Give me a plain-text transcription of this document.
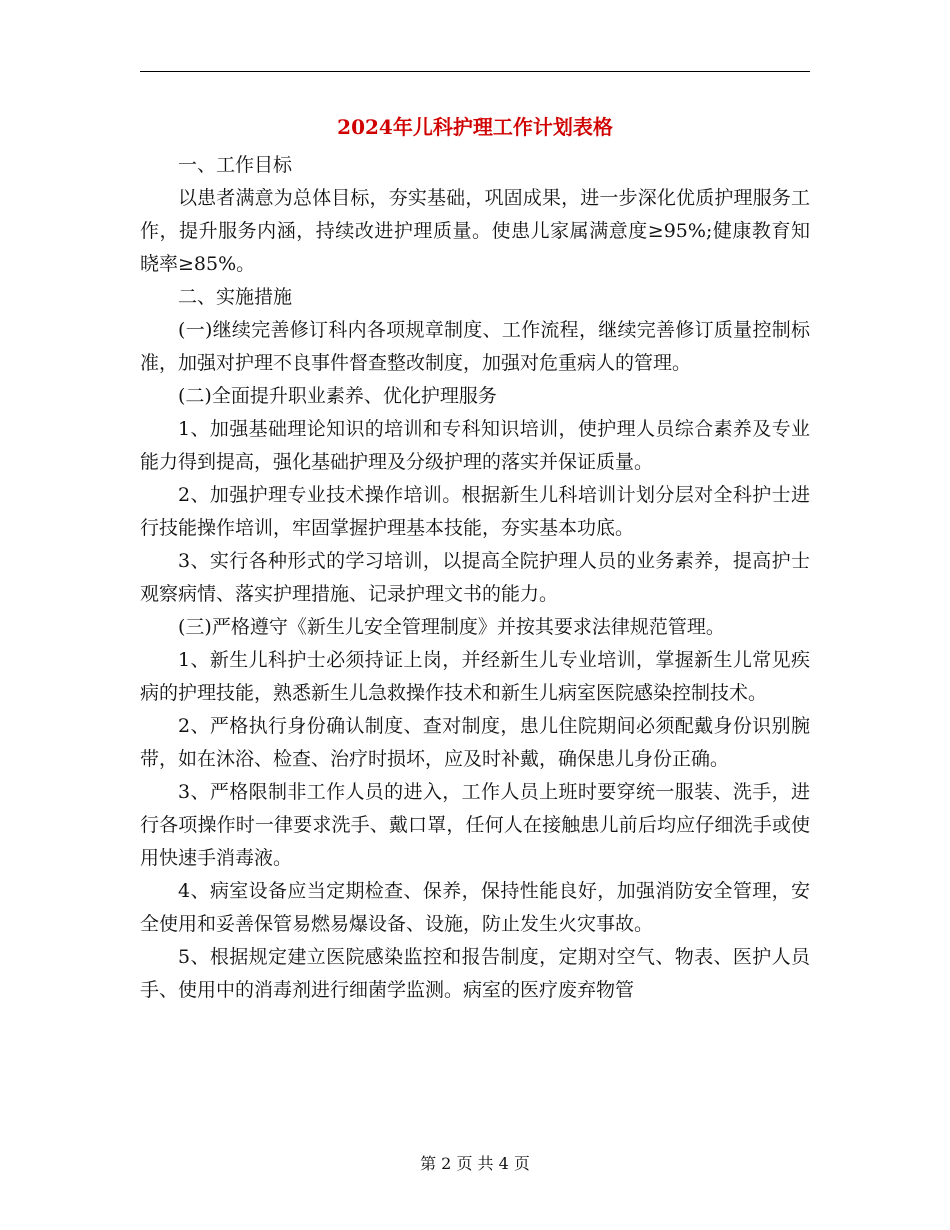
2024年儿科护理工作计划表格

一、工作目标

以患者满意为总体目标，夯实基础，巩固成果，进一步深化优质护理服务工作，提升服务内涵，持续改进护理质量。使患儿家属满意度≥95%;健康教育知晓率≥85%。

二、实施措施

(一)继续完善修订科内各项规章制度、工作流程，继续完善修订质量控制标准，加强对护理不良事件督查整改制度，加强对危重病人的管理。

(二)全面提升职业素养、优化护理服务

1、加强基础理论知识的培训和专科知识培训，使护理人员综合素养及专业能力得到提高，强化基础护理及分级护理的落实并保证质量。

2、加强护理专业技术操作培训。根据新生儿科培训计划分层对全科护士进行技能操作培训，牢固掌握护理基本技能，夯实基本功底。

3、实行各种形式的学习培训，以提高全院护理人员的业务素养，提高护士观察病情、落实护理措施、记录护理文书的能力。

(三)严格遵守《新生儿安全管理制度》并按其要求法律规范管理。

1、新生儿科护士必须持证上岗，并经新生儿专业培训，掌握新生儿常见疾病的护理技能，熟悉新生儿急救操作技术和新生儿病室医院感染控制技术。

2、严格执行身份确认制度、查对制度，患儿住院期间必须配戴身份识别腕带，如在沐浴、检查、治疗时损坏，应及时补戴，确保患儿身份正确。

3、严格限制非工作人员的进入，工作人员上班时要穿统一服装、洗手，进行各项操作时一律要求洗手、戴口罩，任何人在接触患儿前后均应仔细洗手或使用快速手消毒液。

4、病室设备应当定期检查、保养，保持性能良好，加强消防安全管理，安全使用和妥善保管易燃易爆设备、设施，防止发生火灾事故。

5、根据规定建立医院感染监控和报告制度，定期对空气、物表、医护人员手、使用中的消毒剂进行细菌学监测。病室的医疗废弃物管

第 2 页 共 4 页
